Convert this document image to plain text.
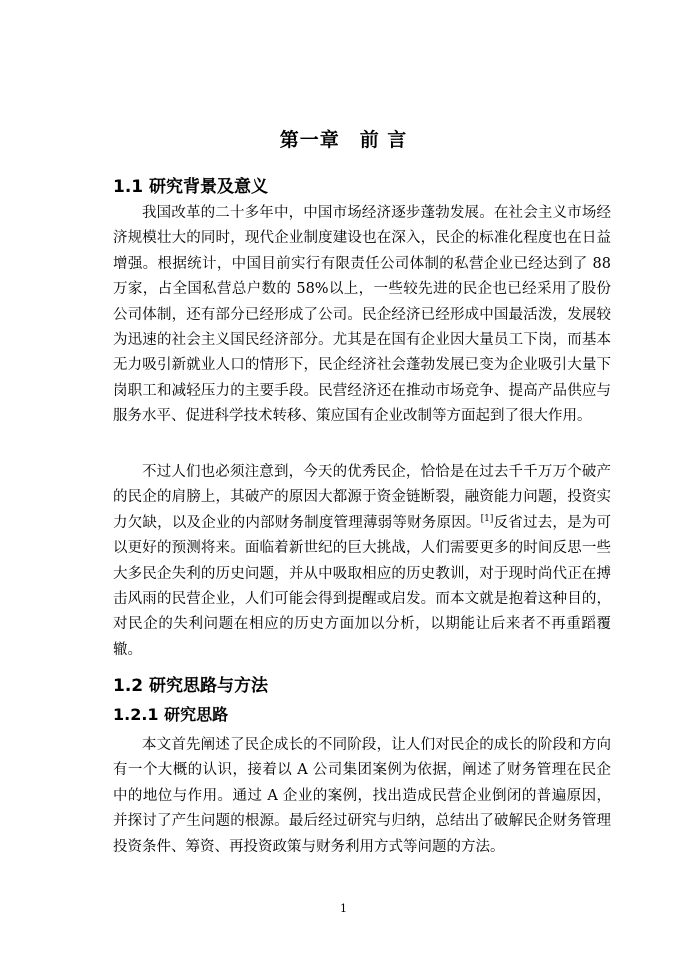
第一章　前 言
1.1 研究背景及意义

我国改革的二十多年中，中国市场经济逐步蓬勃发展。在社会主义市场经济规模壮大的同时，现代企业制度建设也在深入，民企的标准化程度也在日益增强。根据统计，中国目前实行有限责任公司体制的私营企业已经达到了 88 万家，占全国私营总户数的 58%以上，一些较先进的民企也已经采用了股份公司体制，还有部分已经形成了公司。民企经济已经形成中国最活泼，发展较为迅速的社会主义国民经济部分。尤其是在国有企业因大量员工下岗，而基本无力吸引新就业人口的情形下，民企经济社会蓬勃发展已变为企业吸引大量下岗职工和减轻压力的主要手段。民营经济还在推动市场竞争、提高产品供应与服务水平、促进科学技术转移、策应国有企业改制等方面起到了很大作用。

不过人们也必须注意到，今天的优秀民企，恰恰是在过去千千万万个破产的民企的肩膀上，其破产的原因大都源于资金链断裂，融资能力问题，投资实力欠缺，以及企业的内部财务制度管理薄弱等财务原因。[1]反省过去，是为可以更好的预测将来。面临着新世纪的巨大挑战，人们需要更多的时间反思一些大多民企失利的历史问题，并从中吸取相应的历史教训，对于现时尚代正在搏击风雨的民营企业，人们可能会得到提醒或启发。而本文就是抱着这种目的，对民企的失利问题在相应的历史方面加以分析，以期能让后来者不再重蹈覆辙。

1.2 研究思路与方法
1.2.1 研究思路

本文首先阐述了民企成长的不同阶段，让人们对民企的成长的阶段和方向有一个大概的认识，接着以 A 公司集团案例为依据，阐述了财务管理在民企中的地位与作用。通过 A 企业的案例，找出造成民营企业倒闭的普遍原因，并探讨了产生问题的根源。最后经过研究与归纳，总结出了破解民企财务管理投资条件、筹资、再投资政策与财务利用方式等问题的方法。

1
